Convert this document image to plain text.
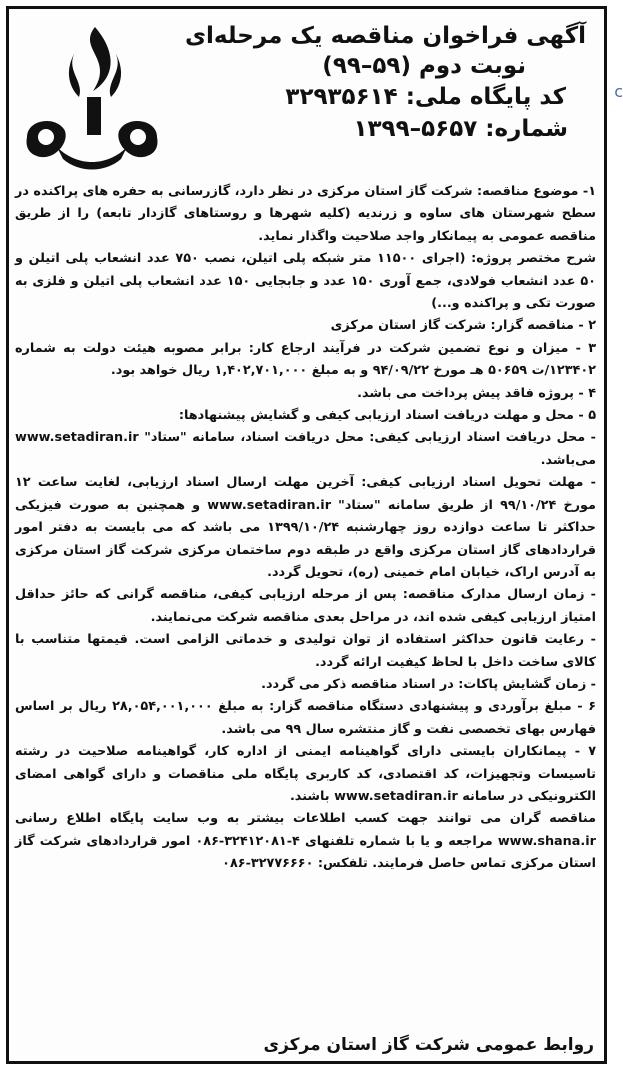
آگهی فراخوان مناقصه یک مرحله‌ای
نوبت دوم (۵۹–۹۹)
کد پایگاه ملی: ۳۲۹۳۵۶۱۴
شماره: ۵۶۵۷–۱۳۹۹

۱- موضوع مناقصه: شرکت گاز استان مرکزی در نظر دارد، گازرسانی به حفره های پراکنده در سطح شهرستان های ساوه و زرندیه (کلیه شهرها و روستاهای گازدار تابعه) را از طریق مناقصه عمومی به پیمانکار واجد صلاحیت واگذار نماید.

شرح مختصر پروژه: (اجرای ۱۱۵۰۰ متر شبکه پلی اتیلن، نصب ۷۵۰ عدد انشعاب پلی اتیلن و ۵۰ عدد انشعاب فولادی، جمع آوری ۱۵۰ عدد و جابجایی ۱۵۰ عدد انشعاب پلی اتیلن و فلزی به صورت تکی و پراکنده و...)

۲ - مناقصه گزار: شرکت گاز استان مرکزی

۳ - میزان و نوع تضمین شرکت در فرآیند ارجاع کار: برابر مصوبه هیئت دولت به شماره ۱۲۳۴۰۲/ت ۵۰۶۵۹ هـ مورخ ۹۴/۰۹/۲۲ و به مبلغ ۱,۴۰۲,۷۰۱,۰۰۰ ریال خواهد بود.

۴ - پروژه فاقد پیش پرداخت می باشد.

۵ - محل و مهلت دریافت اسناد ارزیابی کیفی و گشایش پیشنهادها:

- محل دریافت اسناد ارزیابی کیفی: محل دریافت اسناد، سامانه "ستاد" www.setadiran.ir می‌باشد.

- مهلت تحویل اسناد ارزیابی کیفی: آخرین مهلت ارسال اسناد ارزیابی، لغایت ساعت ۱۲ مورخ ۹۹/۱۰/۲۴ از طریق سامانه "ستاد" www.setadiran.ir و همچنین به صورت فیزیکی حداکثر تا ساعت دوازده روز چهارشنبه ۱۳۹۹/۱۰/۲۴ می باشد که می بایست به دفتر امور قراردادهای گاز استان مرکزی واقع در طبقه دوم ساختمان مرکزی شرکت گاز استان مرکزی به آدرس اراک، خیابان امام خمینی (ره)، تحویل گردد.

- زمان ارسال مدارک مناقصه: پس از مرحله ارزیابی کیفی، مناقصه گرانی که حائز حداقل امتیاز ارزیابی کیفی شده اند، در مراحل بعدی مناقصه شرکت می‌نمایند.

- رعایت قانون حداکثر استفاده از توان تولیدی و خدماتی الزامی است. قیمتها متناسب با کالای ساخت داخل با لحاظ کیفیت ارائه گردد.

- زمان گشایش پاکات: در اسناد مناقصه ذکر می گردد.

۶ - مبلغ برآوردی و پیشنهادی دستگاه مناقصه گزار: به مبلغ ۲۸,۰۵۴,۰۰۱,۰۰۰ ریال بر اساس فهارس بهای تخصصی نفت و گاز منتشره سال ۹۹ می باشد.

۷ - پیمانکاران بایستی دارای گواهینامه ایمنی از اداره کار، گواهینامه صلاحیت در رشته تاسیسات وتجهیزات، کد اقتصادی، کد کاربری پایگاه ملی مناقصات و دارای گواهی امضای الکترونیکی در سامانه www.setadiran.ir باشند.

مناقصه گران می توانند جهت کسب اطلاعات بیشتر به وب سایت پایگاه اطلاع رسانی www.shana.ir مراجعه و یا با شماره تلفنهای ۴-۳۲۴۱۲۰۸۱-۰۸۶ امور قراردادهای شرکت گاز استان مرکزی تماس حاصل فرمایند. تلفکس: ۳۲۷۷۶۶۶۰-۰۸۶

روابط عمومی شرکت گاز استان مرکزی
c
